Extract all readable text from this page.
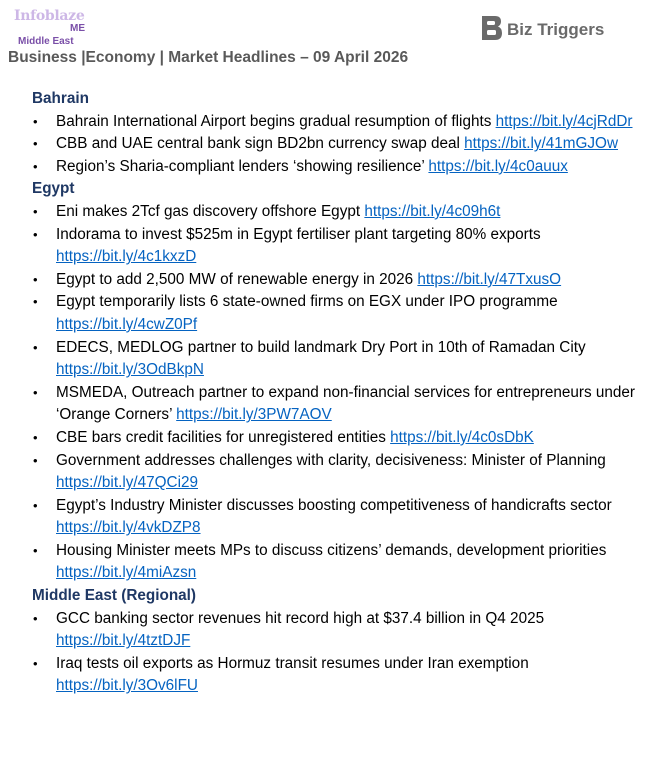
Infoblaze
ME
Middle East
Biz Triggers
Business |Economy | Market Headlines – 09 April 2026
Bahrain
• Bahrain International Airport begins gradual resumption of flights https://bit.ly/4cjRdDr
• CBB and UAE central bank sign BD2bn currency swap deal https://bit.ly/41mGJOw
• Region’s Sharia-compliant lenders ‘showing resilience’ https://bit.ly/4c0auux
Egypt
• Eni makes 2Tcf gas discovery offshore Egypt https://bit.ly/4c09h6t
• Indorama to invest $525m in Egypt fertiliser plant targeting 80% exports https://bit.ly/4c1kxzD
• Egypt to add 2,500 MW of renewable energy in 2026 https://bit.ly/47TxusO
• Egypt temporarily lists 6 state-owned firms on EGX under IPO programme https://bit.ly/4cwZ0Pf
• EDECS, MEDLOG partner to build landmark Dry Port in 10th of Ramadan City https://bit.ly/3OdBkpN
• MSMEDA, Outreach partner to expand non-financial services for entrepreneurs under ‘Orange Corners’ https://bit.ly/3PW7AOV
• CBE bars credit facilities for unregistered entities https://bit.ly/4c0sDbK
• Government addresses challenges with clarity, decisiveness: Minister of Planning https://bit.ly/47QCi29
• Egypt’s Industry Minister discusses boosting competitiveness of handicrafts sector https://bit.ly/4vkDZP8
• Housing Minister meets MPs to discuss citizens’ demands, development priorities https://bit.ly/4miAzsn
Middle East (Regional)
• GCC banking sector revenues hit record high at $37.4 billion in Q4 2025 https://bit.ly/4tztDJF
• Iraq tests oil exports as Hormuz transit resumes under Iran exemption https://bit.ly/3Ov6lFU
